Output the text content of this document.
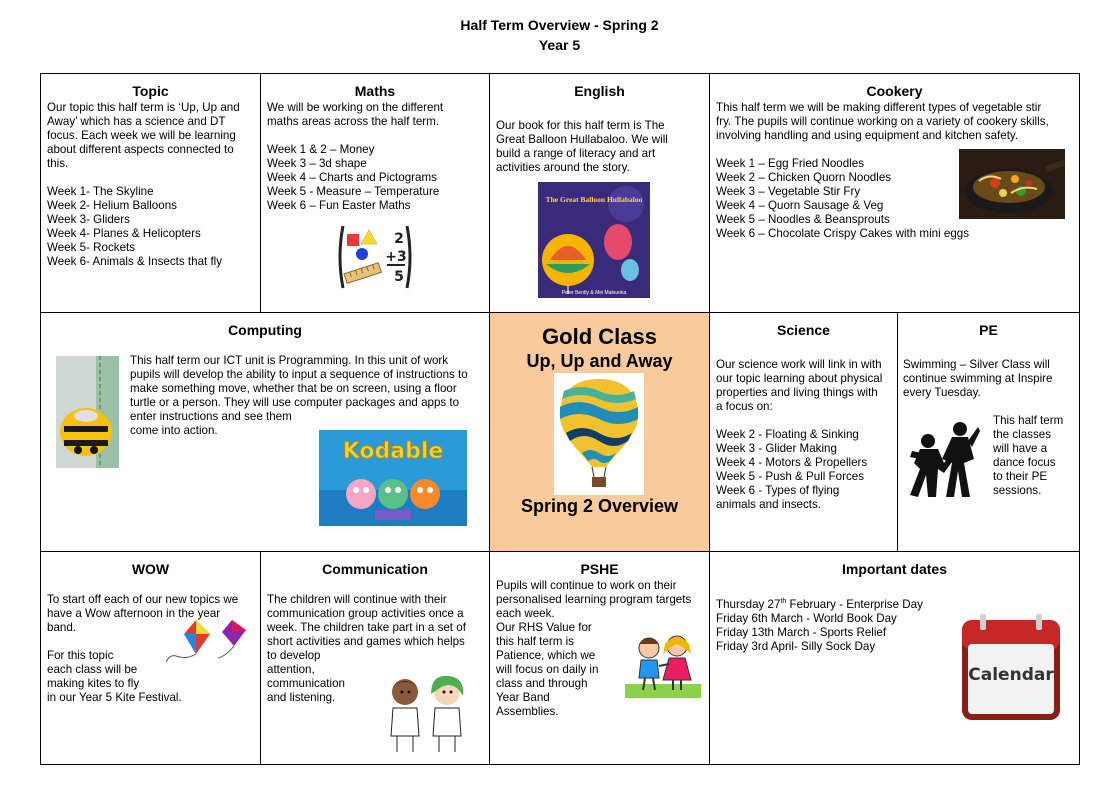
Half Term Overview - Spring 2
Year 5
Topic
Our topic this half term is ‘Up, Up and
Away’ which has a science and DT
focus. Each week we will be learning
about different aspects connected to
this.
Week 1- The Skyline
Week 2- Helium Balloons
Week 3- Gliders
Week 4- Planes & Helicopters
Week 5- Rockets
Week 6- Animals & Insects that fly
Maths
We will be working on the different
maths areas across the half term.
Week 1 & 2 – Money
Week 3 – 3d shape
Week 4 – Charts and Pictograms
Week 5 - Measure – Temperature
Week 6 – Fun Easter Maths
2
+3
5
English
Our book for this half term is The
Great Balloon Hullabaloo. We will
build a range of literacy and art
activities around the story.
The Great Balloon Hullabaloo
Peter Bently & Mei Matsuoka
Cookery
This half term we will be making different types of vegetable stir
fry. The pupils will continue working on a variety of cookery skills,
involving handling and using equipment and kitchen safety.
Week 1 – Egg Fried Noodles
Week 2 – Chicken Quorn Noodles
Week 3 – Vegetable Stir Fry
Week 4 – Quorn Sausage & Veg
Week 5 – Noodles & Beansprouts
Week 6 – Chocolate Crispy Cakes with mini eggs
Computing
This half term our ICT unit is Programming. In this unit of work
pupils will develop the ability to input a sequence of instructions to
make something move, whether that be on screen, using a floor
turtle or a person. They will use computer packages and apps to
enter instructions and see them
come into action.
Kodable
Gold Class
Up, Up and Away
Spring 2 Overview
Science
Our science work will link in with
our topic learning about physical
properties and living things with
a focus on:
Week 2 - Floating & Sinking
Week 3 - Glider Making
Week 4 - Motors & Propellers
Week 5 - Push & Pull Forces
Week 6 - Types of flying
animals and insects.
PE
Swimming – Silver Class will
continue swimming at Inspire
every Tuesday.
This half term
the classes
will have a
dance focus
to their PE
sessions.
WOW
To start off each of our new topics we
have a Wow afternoon in the year
band.
For this topic
each class will be
making kites to fly
in our Year 5 Kite Festival.
Communication
The children will continue with their
communication group activities once a
week. The children take part in a set of
short activities and games which helps
to develop
attention,
communication
and listening.
PSHE
Pupils will continue to work on their
personalised learning program targets
each week.
Our RHS Value for
this half term is
Patience, which we
will focus on daily in
class and through
Year Band
Assemblies.
Important dates
Thursday 27th February - Enterprise Day
Friday 6th March - World Book Day
Friday 13th March - Sports Relief
Friday 3rd April- Silly Sock Day
Calendar
